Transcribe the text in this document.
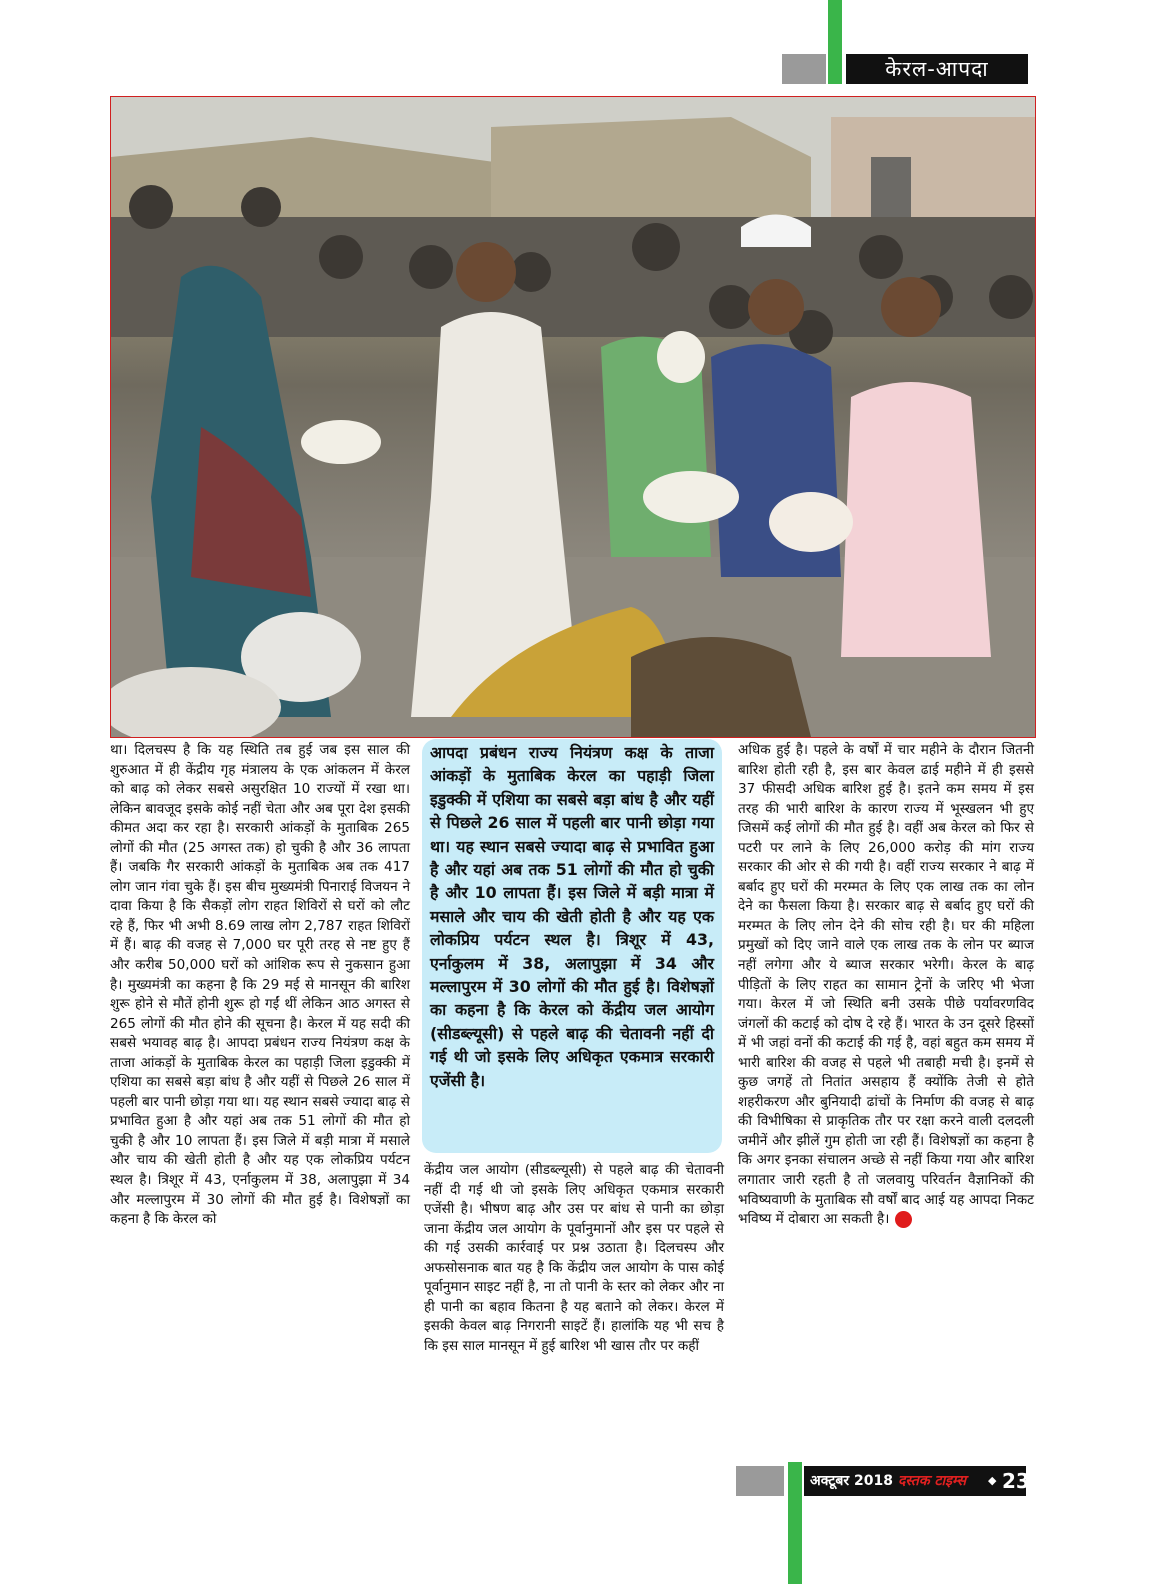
केरल-आपदा
था। दिलचस्प है कि यह स्थिति तब हुई जब इस साल की शुरुआत में ही केंद्रीय गृह मंत्रालय के एक आंकलन में केरल को बाढ़ को लेकर सबसे असुरक्षित 10 राज्यों में रखा था। लेकिन बावजूद इसके कोई नहीं चेता और अब पूरा देश इसकी कीमत अदा कर रहा है। सरकारी आंकड़ों के मुताबिक 265 लोगों की मौत (25 अगस्त तक) हो चुकी है और 36 लापता हैं। जबकि गैर सरकारी आंकड़ों के मुताबिक अब तक 417 लोग जान गंवा चुके हैं। इस बीच मुख्यमंत्री पिनाराई विजयन ने दावा किया है कि सैकड़ों लोग राहत शिविरों से घरों को लौट रहे हैं, फिर भी अभी 8.69 लाख लोग 2,787 राहत शिविरों में हैं। बाढ़ की वजह से 7,000 घर पूरी तरह से नष्ट हुए हैं और करीब 50,000 घरों को आंशिक रूप से नुकसान हुआ है। मुख्यमंत्री का कहना है कि 29 मई से मानसून की बारिश शुरू होने से मौतें होनी शुरू हो गईं थीं लेकिन आठ अगस्त से 265 लोगों की मौत होने की सूचना है। केरल में यह सदी की सबसे भयावह बाढ़ है। आपदा प्रबंधन राज्य नियंत्रण कक्ष के ताजा आंकड़ों के मुताबिक केरल का पहाड़ी जिला इडुक्की में एशिया का सबसे बड़ा बांध है और यहीं से पिछले 26 साल में पहली बार पानी छोड़ा गया था। यह स्थान सबसे ज्यादा बाढ़ से प्रभावित हुआ है और यहां अब तक 51 लोगों की मौत हो चुकी है और 10 लापता हैं। इस जिले में बड़ी मात्रा में मसाले और चाय की खेती होती है और यह एक लोकप्रिय पर्यटन स्थल है। त्रिशूर में 43, एर्नाकुलम में 38, अलापुझा में 34 और मल्लापुरम में 30 लोगों की मौत हुई है। विशेषज्ञों का कहना है कि केरल को
आपदा प्रबंधन राज्य नियंत्रण कक्ष के ताजा आंकड़ों के मुताबिक केरल का पहाड़ी जिला इडुक्की में एशिया का सबसे बड़ा बांध है और यहीं से पिछले 26 साल में पहली बार पानी छोड़ा गया था। यह स्थान सबसे ज्यादा बाढ़ से प्रभावित हुआ है और यहां अब तक 51 लोगों की मौत हो चुकी है और 10 लापता हैं। इस जिले में बड़ी मात्रा में मसाले और चाय की खेती होती है और यह एक लोकप्रिय पर्यटन स्थल है। त्रिशूर में 43, एर्नाकुलम में 38, अलापुझा में 34 और मल्लापुरम में 30 लोगों की मौत हुई है। विशेषज्ञों का कहना है कि केरल को केंद्रीय जल आयोग (सीडब्ल्यूसी) से पहले बाढ़ की चेतावनी नहीं दी गई थी जो इसके लिए अधिकृत एकमात्र सरकारी एजेंसी है।
केंद्रीय जल आयोग (सीडब्ल्यूसी) से पहले बाढ़ की चेतावनी नहीं दी गई थी जो इसके लिए अधिकृत एकमात्र सरकारी एजेंसी है। भीषण बाढ़ और उस पर बांध से पानी का छोड़ा जाना केंद्रीय जल आयोग के पूर्वानुमानों और इस पर पहले से की गई उसकी कार्रवाई पर प्रश्न उठाता है। दिलचस्प और अफसोसनाक बात यह है कि केंद्रीय जल आयोग के पास कोई पूर्वानुमान साइट नहीं है, ना तो पानी के स्तर को लेकर और ना ही पानी का बहाव कितना है यह बताने को लेकर। केरल में इसकी केवल बाढ़ निगरानी साइटें हैं। हालांकि यह भी सच है कि इस साल मानसून में हुई बारिश भी खास तौर पर कहीं
अधिक हुई है। पहले के वर्षों में चार महीने के दौरान जितनी बारिश होती रही है, इस बार केवल ढाई महीने में ही इससे 37 फीसदी अधिक बारिश हुई है। इतने कम समय में इस तरह की भारी बारिश के कारण राज्य में भूस्खलन भी हुए जिसमें कई लोगों की मौत हुई है। वहीं अब केरल को फिर से पटरी पर लाने के लिए 26,000 करोड़ की मांग राज्य सरकार की ओर से की गयी है। वहीं राज्य सरकार ने बाढ़ में बर्बाद हुए घरों की मरम्मत के लिए एक लाख तक का लोन देने का फैसला किया है। सरकार बाढ़ से बर्बाद हुए घरों की मरम्मत के लिए लोन देने की सोच रही है। घर की महिला प्रमुखों को दिए जाने वाले एक लाख तक के लोन पर ब्याज नहीं लगेगा और ये ब्याज सरकार भरेगी। केरल के बाढ़ पीड़ितों के लिए राहत का सामान ट्रेनों के जरिए भी भेजा गया। केरल में जो स्थिति बनी उसके पीछे पर्यावरणविद जंगलों की कटाई को दोष दे रहे हैं। भारत के उन दूसरे हिस्सों में भी जहां वनों की कटाई की गई है, वहां बहुत कम समय में भारी बारिश की वजह से पहले भी तबाही मची है। इनमें से कुछ जगहें तो नितांत असहाय हैं क्योंकि तेजी से होते शहरीकरण और बुनियादी ढांचों के निर्माण की वजह से बाढ़ की विभीषिका से प्राकृतिक तौर पर रक्षा करने वाली दलदली जमीनें और झीलें गुम होती जा रही हैं। विशेषज्ञों का कहना है कि अगर इनका संचालन अच्छे से नहीं किया गया और बारिश लगातार जारी रहती है तो जलवायु परिवर्तन वैज्ञानिकों की भविष्यवाणी के मुताबिक सौ वर्षों बाद आई यह आपदा निकट भविष्य में दोबारा आ सकती है।
अक्टूबर 2018 दस्तक टाइम्स ◆ 23
